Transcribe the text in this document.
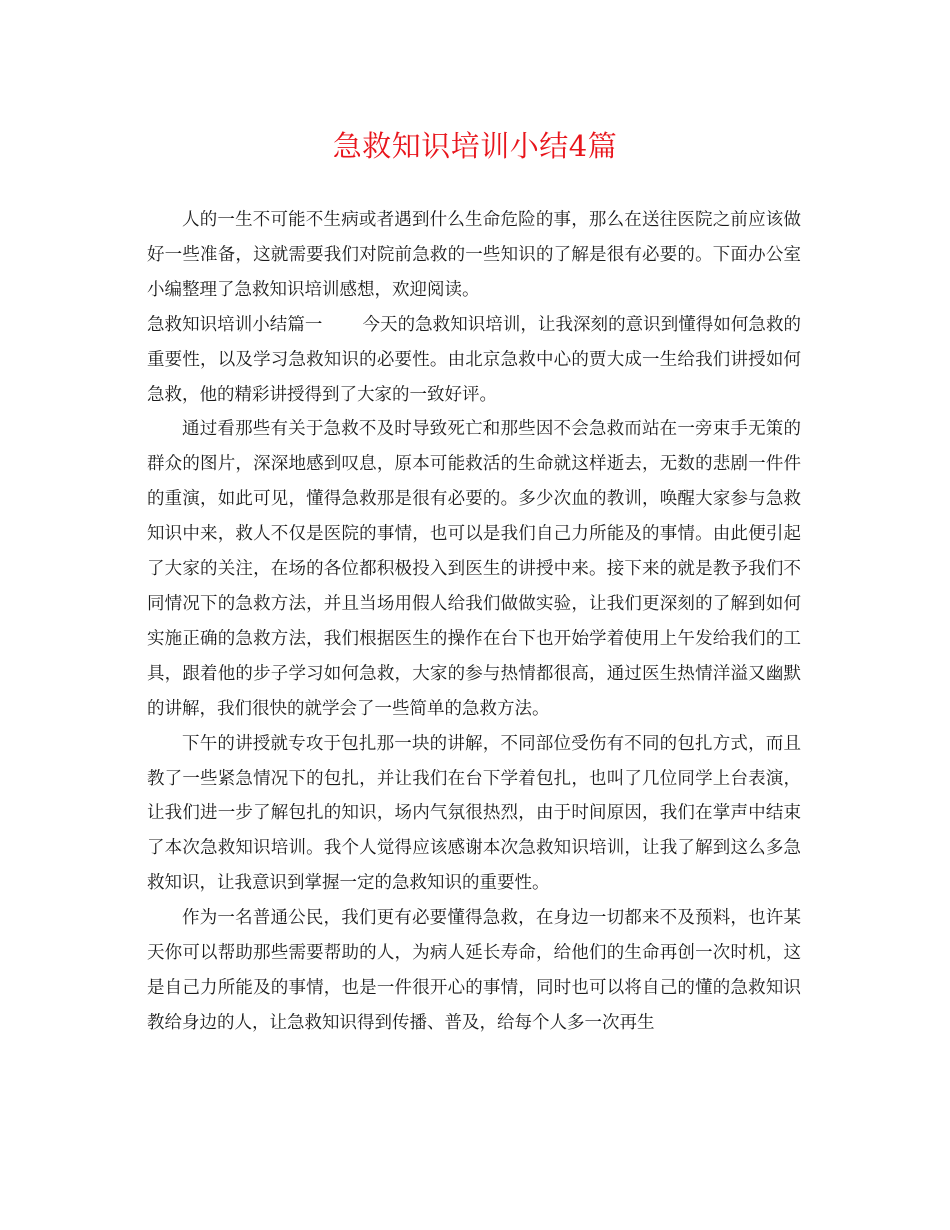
急救知识培训小结4篇

人的一生不可能不生病或者遇到什么生命危险的事，那么在送往医院之前应该做好一些准备，这就需要我们对院前急救的一些知识的了解是很有必要的。下面办公室小编整理了急救知识培训感想，欢迎阅读。

急救知识培训小结篇一 今天的急救知识培训，让我深刻的意识到懂得如何急救的重要性，以及学习急救知识的必要性。由北京急救中心的贾大成一生给我们讲授如何急救，他的精彩讲授得到了大家的一致好评。

通过看那些有关于急救不及时导致死亡和那些因不会急救而站在一旁束手无策的群众的图片，深深地感到叹息，原本可能救活的生命就这样逝去，无数的悲剧一件件的重演，如此可见，懂得急救那是很有必要的。多少次血的教训，唤醒大家参与急救知识中来，救人不仅是医院的事情，也可以是我们自己力所能及的事情。由此便引起了大家的关注，在场的各位都积极投入到医生的讲授中来。接下来的就是教予我们不同情况下的急救方法，并且当场用假人给我们做做实验，让我们更深刻的了解到如何实施正确的急救方法，我们根据医生的操作在台下也开始学着使用上午发给我们的工具，跟着他的步子学习如何急救，大家的参与热情都很高，通过医生热情洋溢又幽默的讲解，我们很快的就学会了一些简单的急救方法。

下午的讲授就专攻于包扎那一块的讲解，不同部位受伤有不同的包扎方式，而且教了一些紧急情况下的包扎，并让我们在台下学着包扎，也叫了几位同学上台表演，让我们进一步了解包扎的知识，场内气氛很热烈，由于时间原因，我们在掌声中结束了本次急救知识培训。我个人觉得应该感谢本次急救知识培训，让我了解到这么多急救知识，让我意识到掌握一定的急救知识的重要性。

作为一名普通公民，我们更有必要懂得急救，在身边一切都来不及预料，也许某天你可以帮助那些需要帮助的人，为病人延长寿命，给他们的生命再创一次时机，这是自己力所能及的事情，也是一件很开心的事情，同时也可以将自己的懂的急救知识教给身边的人，让急救知识得到传播、普及，给每个人多一次再生
